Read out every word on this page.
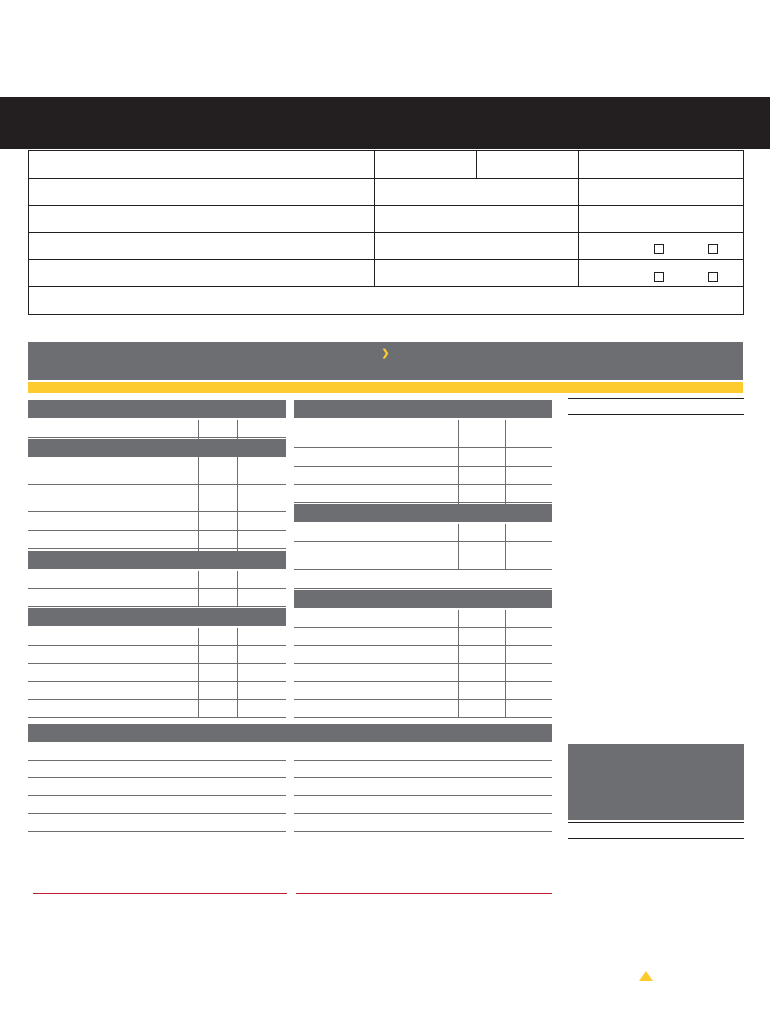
❯
